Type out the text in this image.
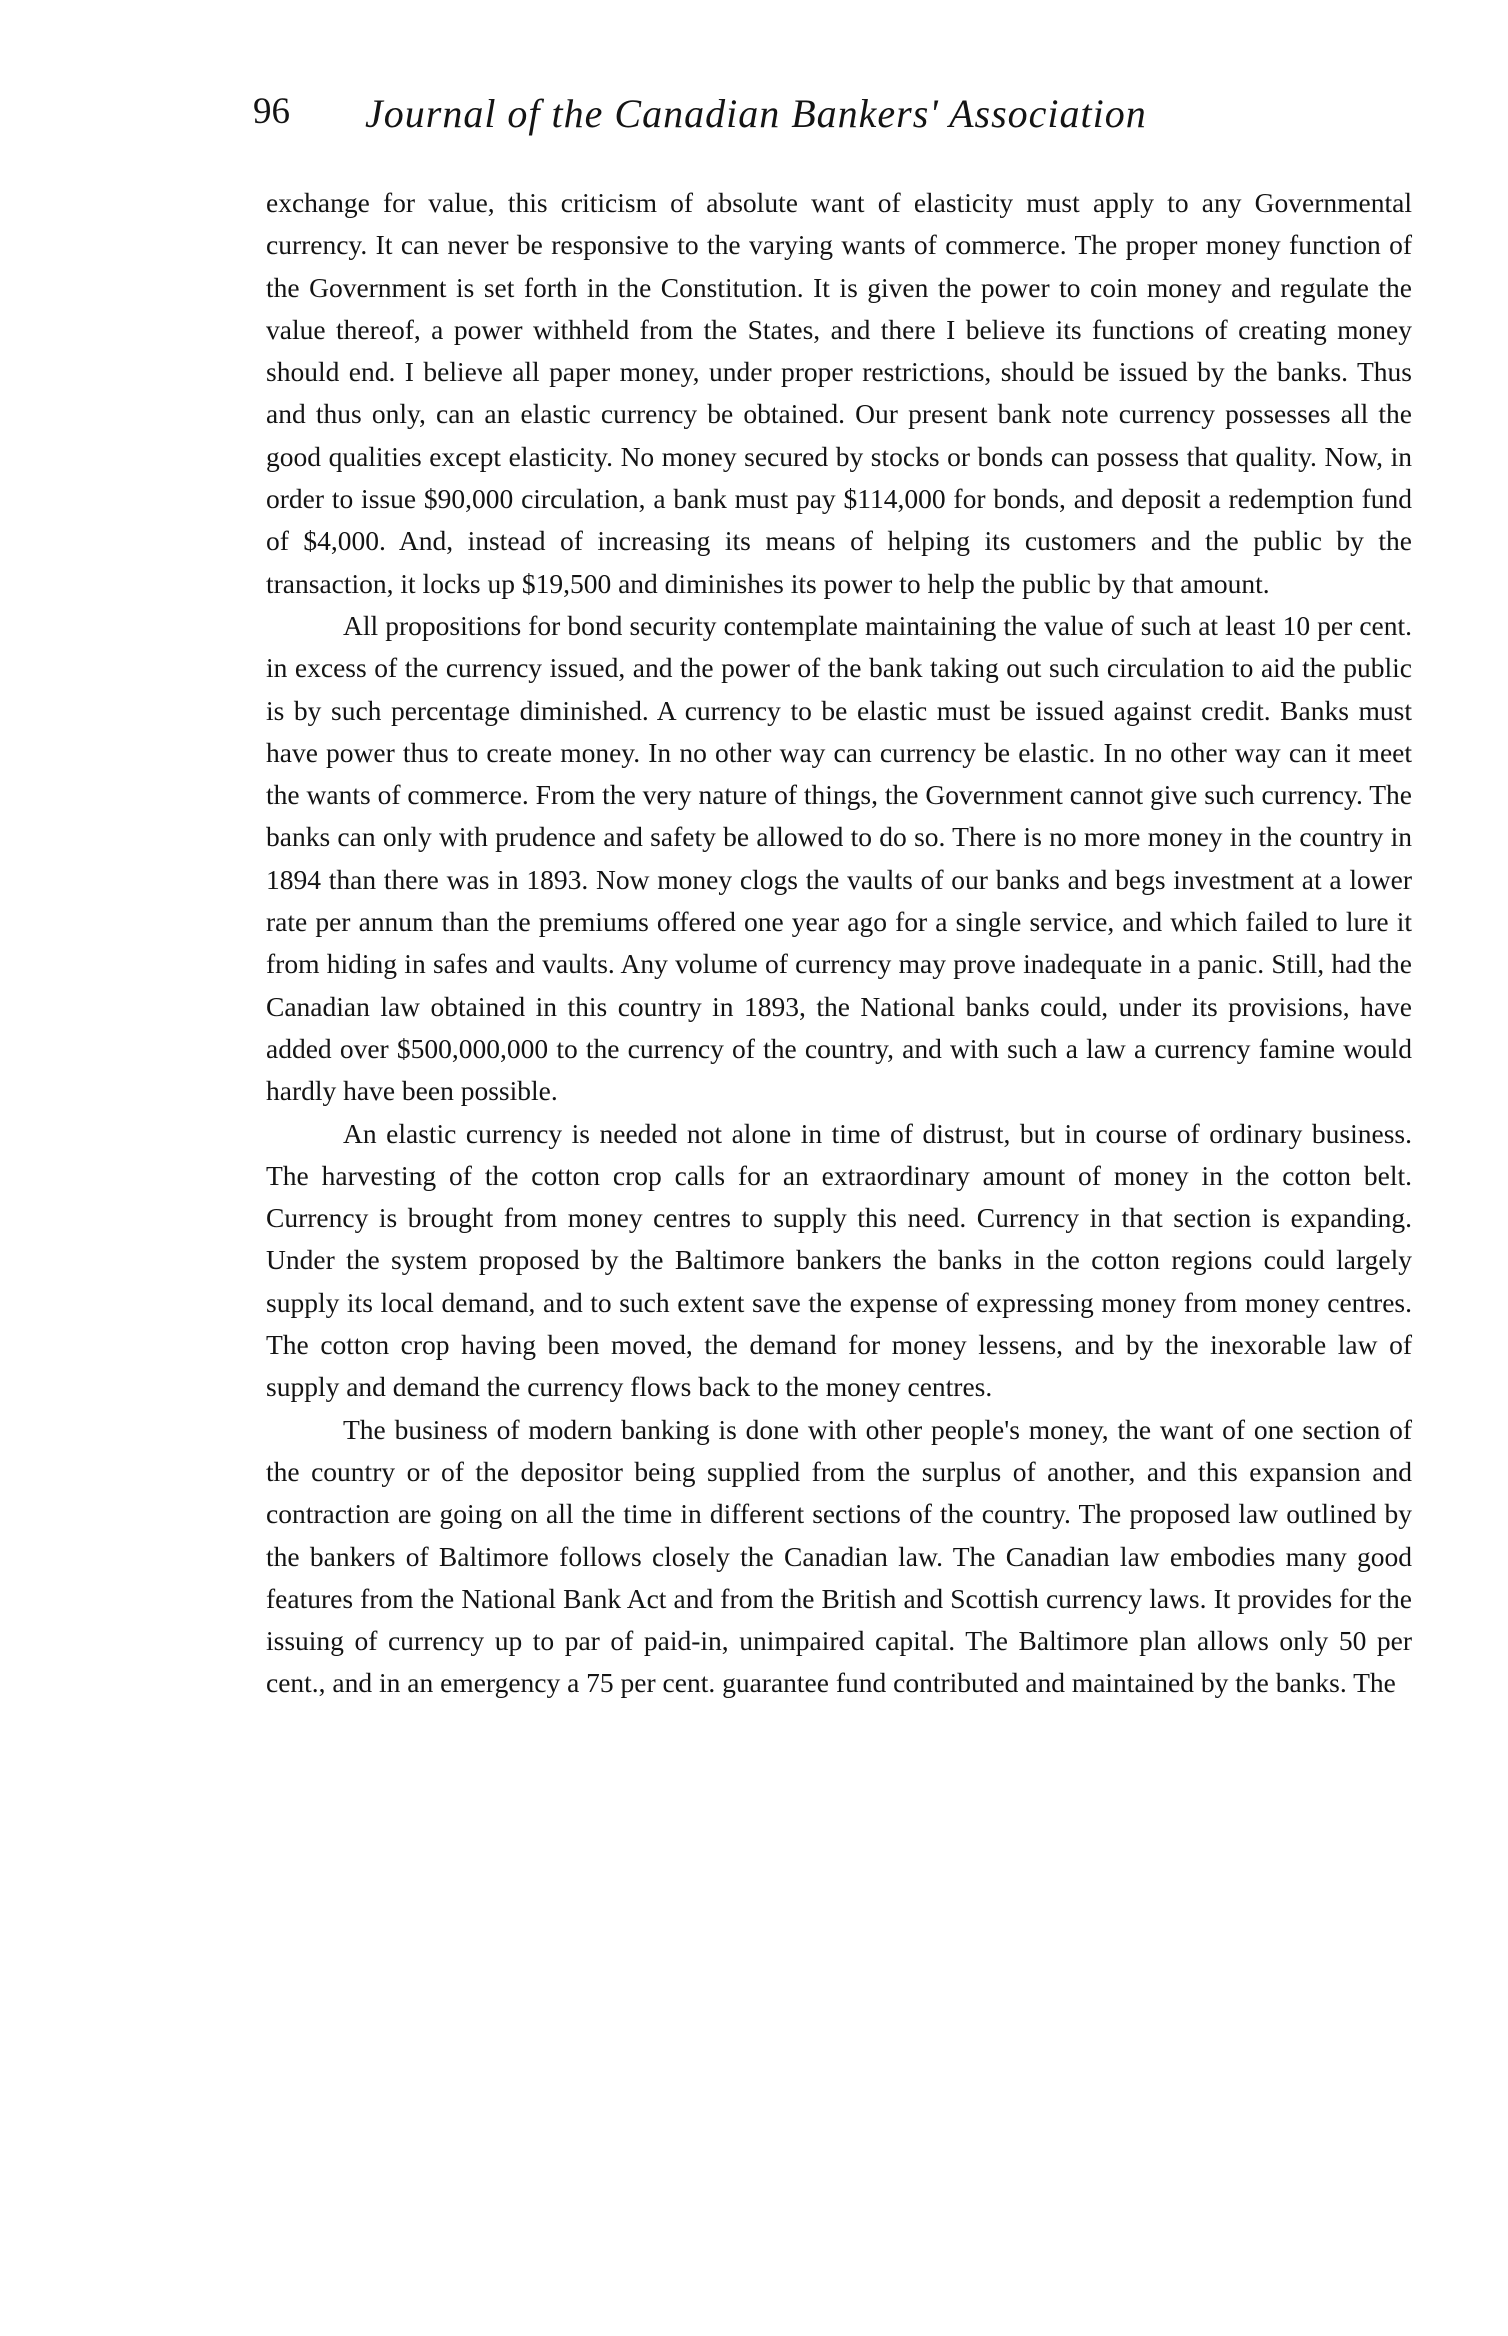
96 Journal of the Canadian Bankers' Association

exchange for value, this criticism of absolute want of elasticity must apply to any Governmental currency. It can never be responsive to the varying wants of commerce. The proper money function of the Government is set forth in the Constitution. It is given the power to coin money and regulate the value thereof, a power withheld from the States, and there I believe its functions of creating money should end. I believe all paper money, under proper restrictions, should be issued by the banks. Thus and thus only, can an elastic currency be obtained. Our present bank note currency possesses all the good qualities except elasticity. No money secured by stocks or bonds can possess that quality. Now, in order to issue $90,000 circulation, a bank must pay $114,000 for bonds, and deposit a redemption fund of $4,000. And, instead of increasing its means of helping its customers and the public by the transaction, it locks up $19,500 and diminishes its power to help the public by that amount.

All propositions for bond security contemplate maintaining the value of such at least 10 per cent. in excess of the currency issued, and the power of the bank taking out such circulation to aid the public is by such percentage diminished. A currency to be elastic must be issued against credit. Banks must have power thus to create money. In no other way can currency be elastic. In no other way can it meet the wants of commerce. From the very nature of things, the Government cannot give such currency. The banks can only with prudence and safety be allowed to do so. There is no more money in the country in 1894 than there was in 1893. Now money clogs the vaults of our banks and begs investment at a lower rate per annum than the premiums offered one year ago for a single service, and which failed to lure it from hiding in safes and vaults. Any volume of currency may prove inadequate in a panic. Still, had the Canadian law obtained in this country in 1893, the National banks could, under its provisions, have added over $500,000,000 to the currency of the country, and with such a law a currency famine would hardly have been possible.

An elastic currency is needed not alone in time of distrust, but in course of ordinary business. The harvesting of the cotton crop calls for an extraordinary amount of money in the cotton belt. Currency is brought from money centres to supply this need. Currency in that section is expanding. Under the system proposed by the Baltimore bankers the banks in the cotton regions could largely supply its local demand, and to such extent save the expense of expressing money from money centres. The cotton crop having been moved, the demand for money lessens, and by the inexorable law of supply and demand the currency flows back to the money centres.

The business of modern banking is done with other people's money, the want of one section of the country or of the depositor being supplied from the surplus of another, and this expansion and contraction are going on all the time in different sections of the country. The proposed law outlined by the bankers of Baltimore follows closely the Canadian law. The Canadian law embodies many good features from the National Bank Act and from the British and Scottish currency laws. It provides for the issuing of currency up to par of paid-in, unimpaired capital. The Baltimore plan allows only 50 per cent., and in an emergency a 75 per cent. guarantee fund contributed and maintained by the banks. The
